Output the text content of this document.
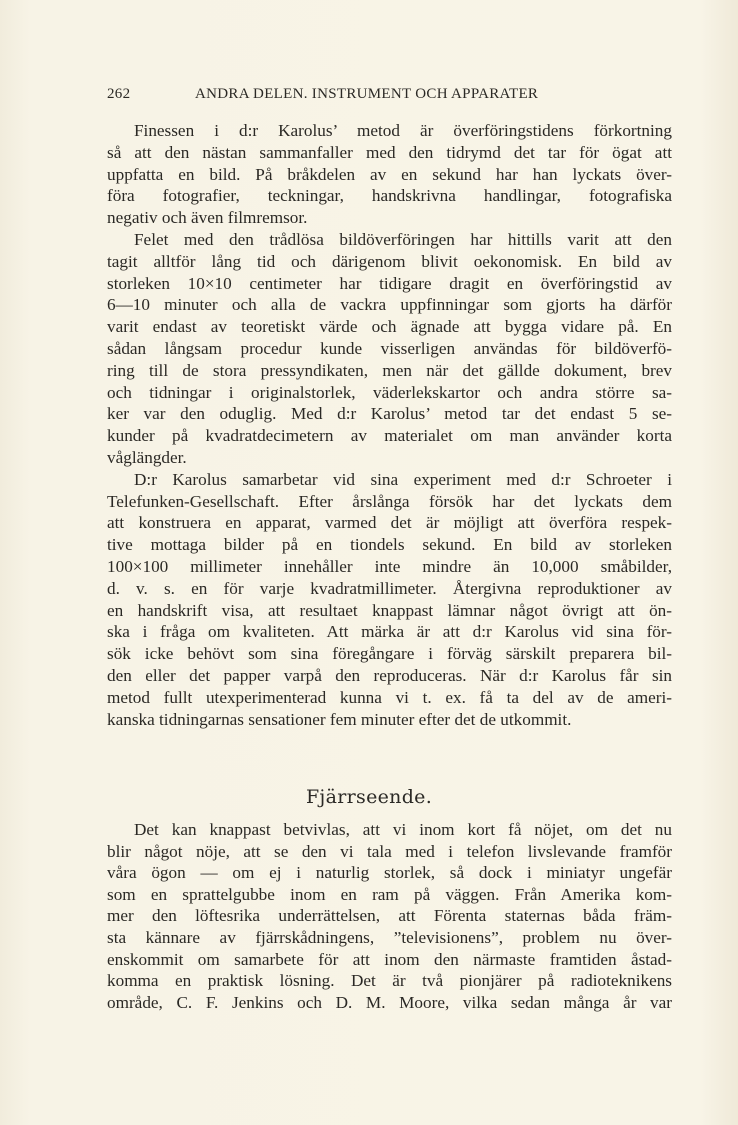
262	ANDRA DELEN. INSTRUMENT OCH APPARATER
Finessen i d:r Karolus’ metod är överföringstidens förkortning
så att den nästan sammanfaller med den tidrymd det tar för ögat att
uppfatta en bild. På bråkdelen av en sekund har han lyckats över-
föra fotografier, teckningar, handskrivna handlingar, fotografiska
negativ och även filmremsor.
Felet med den trådlösa bildöverföringen har hittills varit att den
tagit alltför lång tid och därigenom blivit oekonomisk. En bild av
storleken 10×10 centimeter har tidigare dragit en överföringstid av
6—10 minuter och alla de vackra uppfinningar som gjorts ha därför
varit endast av teoretiskt värde och ägnade att bygga vidare på. En
sådan långsam procedur kunde visserligen användas för bildöverfö-
ring till de stora pressyndikaten, men när det gällde dokument, brev
och tidningar i originalstorlek, väderlekskartor och andra större sa-
ker var den oduglig. Med d:r Karolus’ metod tar det endast 5 se-
kunder på kvadratdecimetern av materialet om man använder korta
våglängder.
D:r Karolus samarbetar vid sina experiment med d:r Schroeter i
Telefunken-Gesellschaft. Efter årslånga försök har det lyckats dem
att konstruera en apparat, varmed det är möjligt att överföra respek-
tive mottaga bilder på en tiondels sekund. En bild av storleken
100×100 millimeter innehåller inte mindre än 10,000 småbilder,
d. v. s. en för varje kvadratmillimeter. Återgivna reproduktioner av
en handskrift visa, att resultaet knappast lämnar något övrigt att ön-
ska i fråga om kvaliteten. Att märka är att d:r Karolus vid sina för-
sök icke behövt som sina föregångare i förväg särskilt preparera bil-
den eller det papper varpå den reproduceras. När d:r Karolus får sin
metod fullt utexperimenterad kunna vi t. ex. få ta del av de ameri-
kanska tidningarnas sensationer fem minuter efter det de utkommit.
Fjärrseende.
Det kan knappast betvivlas, att vi inom kort få nöjet, om det nu
blir något nöje, att se den vi tala med i telefon livslevande framför
våra ögon — om ej i naturlig storlek, så dock i miniatyr ungefär
som en sprattelgubbe inom en ram på väggen. Från Amerika kom-
mer den löftesrika underrättelsen, att Förenta staternas båda främ-
sta kännare av fjärrskådningens, ”televisionens”, problem nu över-
enskommit om samarbete för att inom den närmaste framtiden åstad-
komma en praktisk lösning. Det är två pionjärer på radioteknikens
område, C. F. Jenkins och D. M. Moore, vilka sedan många år var
